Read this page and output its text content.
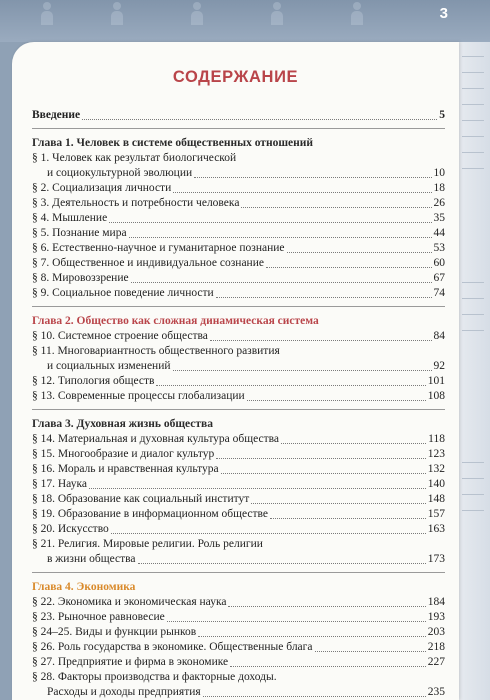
3
СОДЕРЖАНИЕ
Введение	5
Глава 1. Человек в системе общественных отношений
§ 1. Человек как результат биологической
и социокультурной эволюции	10
§ 2. Социализация личности	18
§ 3. Деятельность и потребности человека	26
§ 4. Мышление	35
§ 5. Познание мира	44
§ 6. Естественно-научное и гуманитарное познание	53
§ 7. Общественное и индивидуальное сознание	60
§ 8. Мировоззрение	67
§ 9. Социальное поведение личности	74
Глава 2. Общество как сложная динамическая система
§ 10. Системное строение общества	84
§ 11. Многовариантность общественного развития
и социальных изменений	92
§ 12. Типология обществ	101
§ 13. Современные процессы глобализации	108
Глава 3. Духовная жизнь общества
§ 14. Материальная и духовная культура общества	118
§ 15. Многообразие и диалог культур	123
§ 16. Мораль и нравственная культура	132
§ 17. Наука	140
§ 18. Образование как социальный институт	148
§ 19. Образование в информационном обществе	157
§ 20. Искусство	163
§ 21. Религия. Мировые религии. Роль религии
в жизни общества	173
Глава 4. Экономика
§ 22. Экономика и экономическая наука	184
§ 23. Рыночное равновесие	193
§ 24–25. Виды и функции рынков	203
§ 26. Роль государства в экономике. Общественные блага	218
§ 27. Предприятие и фирма в экономике	227
§ 28. Факторы производства и факторные доходы.
Расходы и доходы предприятия	235
